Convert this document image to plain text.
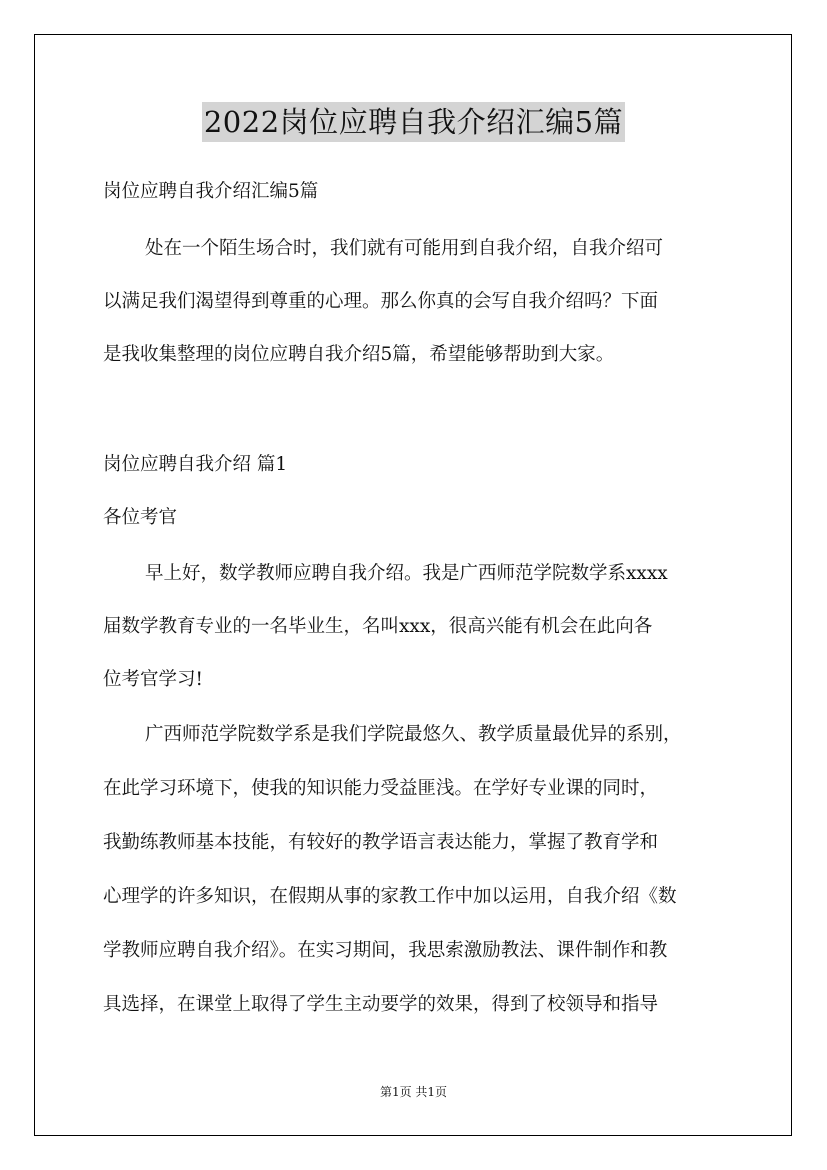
2022岗位应聘自我介绍汇编5篇
岗位应聘自我介绍汇编5篇
处在一个陌生场合时，我们就有可能用到自我介绍，自我介绍可
以满足我们渴望得到尊重的心理。那么你真的会写自我介绍吗？下面
是我收集整理的岗位应聘自我介绍5篇，希望能够帮助到大家。
岗位应聘自我介绍 篇1
各位考官
早上好，数学教师应聘自我介绍。我是广西师范学院数学系xxxx
届数学教育专业的一名毕业生，名叫xxx，很高兴能有机会在此向各
位考官学习!
广西师范学院数学系是我们学院最悠久、教学质量最优异的系别，
在此学习环境下，使我的知识能力受益匪浅。在学好专业课的同时，
我勤练教师基本技能，有较好的教学语言表达能力，掌握了教育学和
心理学的许多知识，在假期从事的家教工作中加以运用，自我介绍《数
学教师应聘自我介绍》。在实习期间，我思索激励教法、课件制作和教
具选择，在课堂上取得了学生主动要学的效果，得到了校领导和指导
第1页 共1页
